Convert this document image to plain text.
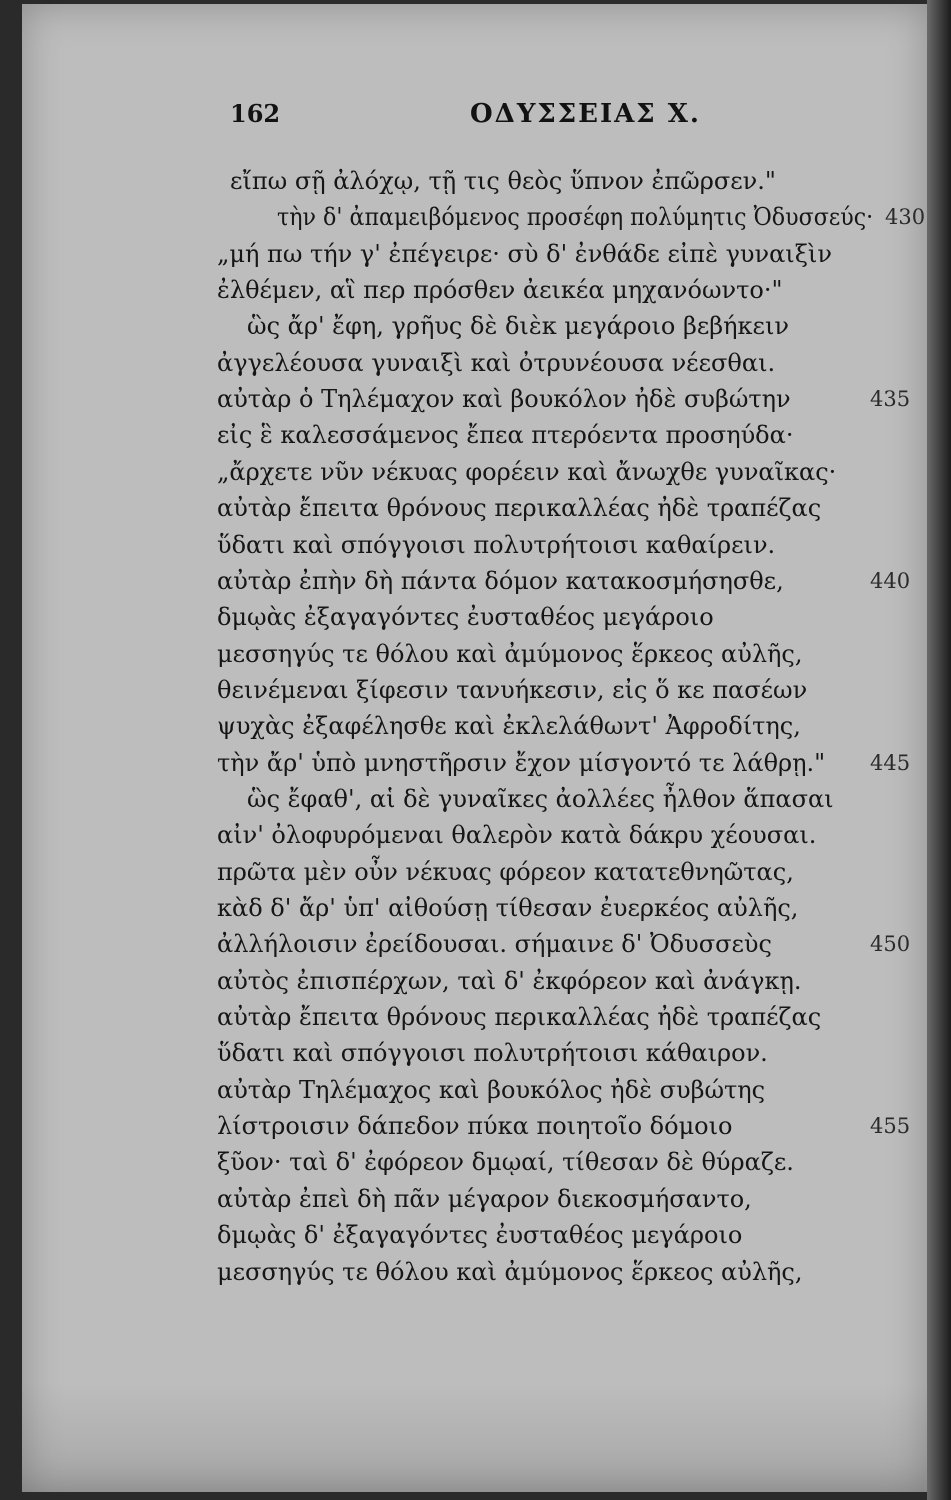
162	ΟΔΥΣΣΕΙΑΣ Χ.
εἴπω σῇ ἀλόχῳ, τῇ τις θεὸς ὕπνον ἐπῶρσεν."
τὴν δ' ἀπαμειβόμενος προσέφη πολύμητις Ὀδυσσεύς· 430
„μή πω τήν γ' ἐπέγειρε· σὺ δ' ἐνθάδε εἰπὲ γυναιξὶν
ἐλθέμεν, αἳ περ πρόσθεν ἀεικέα μηχανόωντο·"
ὣς ἄρ' ἔφη, γρῆυς δὲ διὲκ μεγάροιο βεβήκειν
ἀγγελέουσα γυναιξὶ καὶ ὀτρυνέουσα νέεσθαι.
αὐτὰρ ὁ Τηλέμαχον καὶ βουκόλον ἠδὲ συβώτην	435
εἰς ἓ καλεσσάμενος ἔπεα πτερόεντα προσηύδα·
„ἄρχετε νῦν νέκυας φορέειν καὶ ἄνωχθε γυναῖκας·
αὐτὰρ ἔπειτα θρόνους περικαλλέας ἠδὲ τραπέζας
ὕδατι καὶ σπόγγοισι πολυτρήτοισι καθαίρειν.
αὐτὰρ ἐπὴν δὴ πάντα δόμον κατακοσμήσησθε,	440
δμῳὰς ἐξαγαγόντες ἐυσταθέος μεγάροιο
μεσσηγύς τε θόλου καὶ ἀμύμονος ἕρκεος αὐλῆς,
θεινέμεναι ξίφεσιν τανυήκεσιν, εἰς ὅ κε πασέων
ψυχὰς ἐξαφέλησθε καὶ ἐκλελάθωντ' Ἀφροδίτης,
τὴν ἄρ' ὑπὸ μνηστῆρσιν ἔχον μίσγοντό τε λάθρῃ." 445
ὣς ἔφαθ', αἱ δὲ γυναῖκες ἀολλέες ἦλθον ἅπασαι
αἰν' ὀλοφυρόμεναι θαλερὸν κατὰ δάκρυ χέουσαι.
πρῶτα μὲν οὖν νέκυας φόρεον κατατεθνηῶτας,
κὰδ δ' ἄρ' ὑπ' αἰθούσῃ τίθεσαν ἐυερκέος αὐλῆς,
ἀλλήλοισιν ἐρείδουσαι. σήμαινε δ' Ὀδυσσεὺς	450
αὐτὸς ἐπισπέρχων, ταὶ δ' ἐκφόρεον καὶ ἀνάγκῃ.
αὐτὰρ ἔπειτα θρόνους περικαλλέας ἠδὲ τραπέζας
ὕδατι καὶ σπόγγοισι πολυτρήτοισι κάθαιρον.
αὐτὰρ Τηλέμαχος καὶ βουκόλος ἠδὲ συβώτης
λίστροισιν δάπεδον πύκα ποιητοῖο δόμοιο	455
ξῦον· ταὶ δ' ἐφόρεον δμῳαί, τίθεσαν δὲ θύραζε.
αὐτὰρ ἐπεὶ δὴ πᾶν μέγαρον διεκοσμήσαντο,
δμῳὰς δ' ἐξαγαγόντες ἐυσταθέος μεγάροιο
μεσσηγύς τε θόλου καὶ ἀμύμονος ἕρκεος αὐλῆς,
